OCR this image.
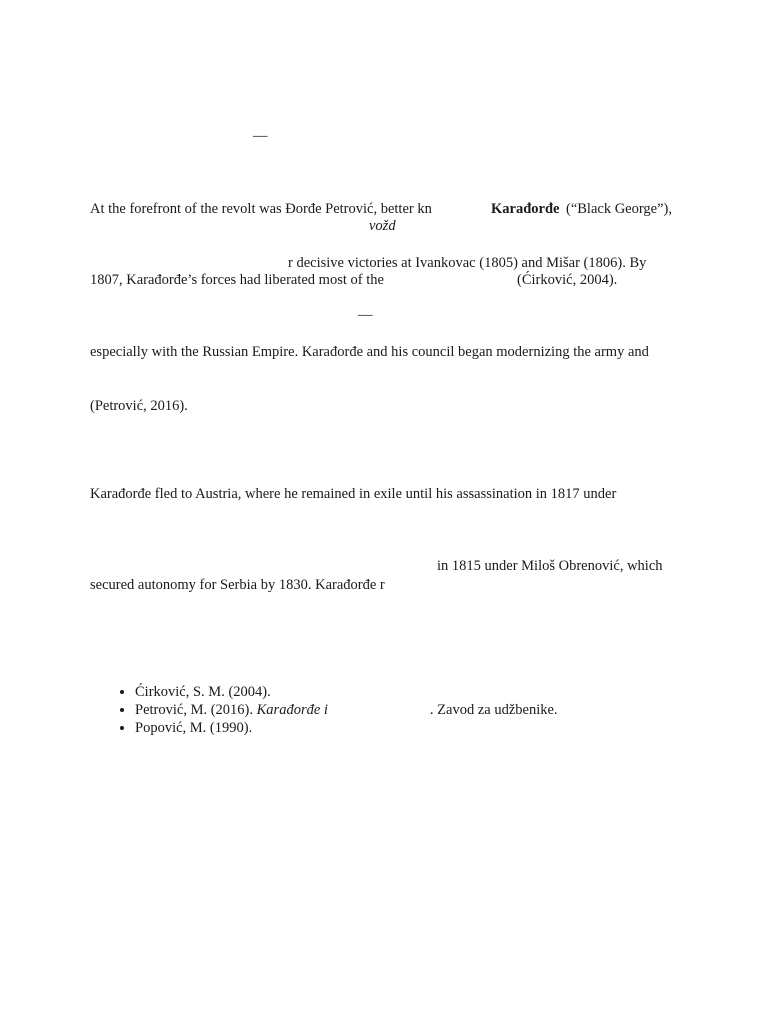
—
At the forefront of the revolt was Đorđe Petrović, better kn	Karađorđe (“Black George”),
vožd
r decisive victories at Ivankovac (1805) and Mišar (1806). By
1807, Karađorđe’s forces had liberated most of the	(Ćirković, 2004).
—
especially with the Russian Empire. Karađorđe and his council began modernizing the army and
(Petrović, 2016).
Karađorđe fled to Austria, where he remained in exile until his assassination in 1817 under
in 1815 under Miloš Obrenović, which
secured autonomy for Serbia by 1830. Karađorđe r
• Ćirković, S. M. (2004).
• Petrović, M. (2016). Karađorđe i	. Zavod za udžbenike.
• Popović, M. (1990).
